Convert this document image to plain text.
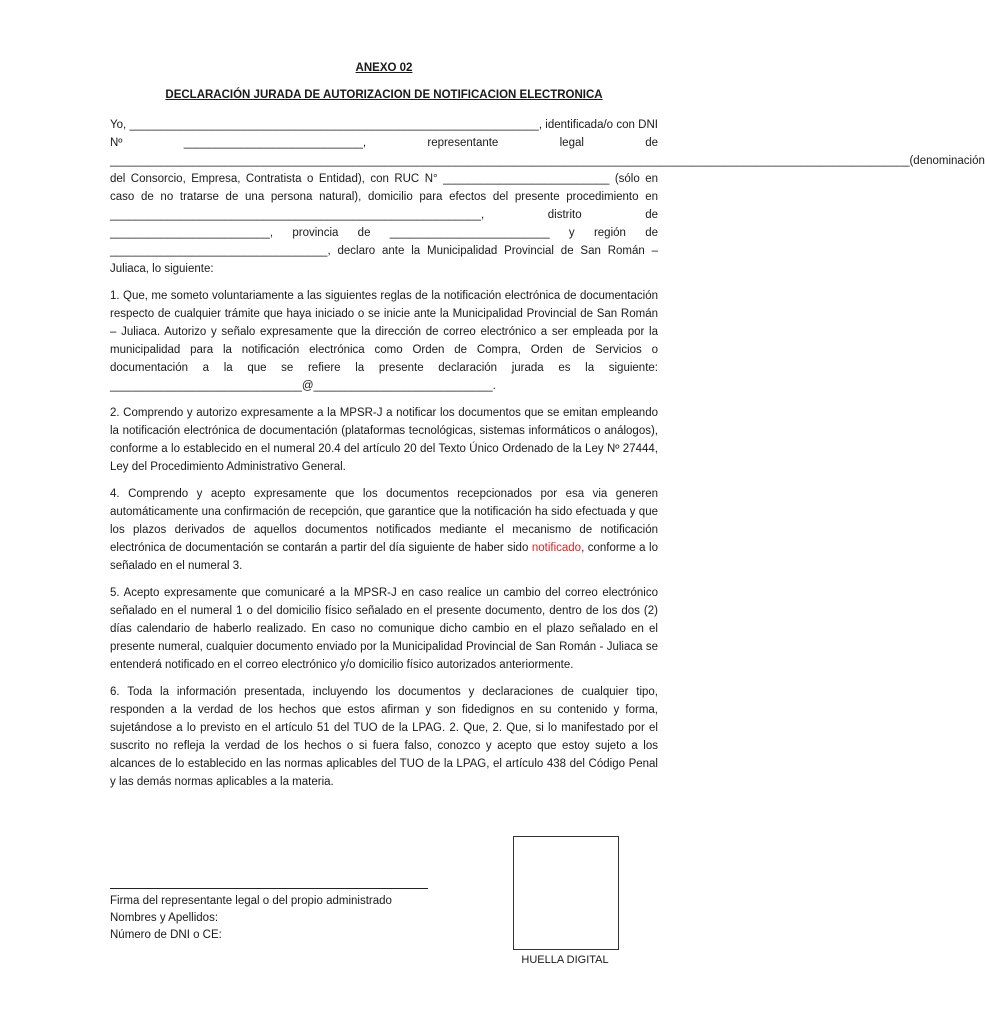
ANEXO 02
DECLARACIÓN JURADA DE AUTORIZACION DE NOTIFICACION ELECTRONICA

Yo, ________________________________________________________________, identificada/o con DNI Nº ____________________________, representante legal de _____________________________________________________________________________________________________________________________(denominación del Consorcio, Empresa, Contratista o Entidad), con RUC N° __________________________ (sólo en caso de no tratarse de una persona natural), domicilio para efectos del presente procedimiento en __________________________________________________________, distrito de _________________________, provincia de _________________________ y región de __________________________________, declaro ante la Municipalidad Provincial de San Román – Juliaca, lo siguiente:

1. Que, me someto voluntariamente a las siguientes reglas de la notificación electrónica de documentación respecto de cualquier trámite que haya iniciado o se inicie ante la Municipalidad Provincial de San Román – Juliaca. Autorizo y señalo expresamente que la dirección de correo electrónico a ser empleada por la municipalidad para la notificación electrónica como Orden de Compra, Orden de Servicios o documentación a la que se refiere la presente declaración jurada es la siguiente: ______________________________@____________________________.

2. Comprendo y autorizo expresamente a la MPSR-J a notificar los documentos que se emitan empleando la notificación electrónica de documentación (plataformas tecnológicas, sistemas informáticos o análogos), conforme a lo establecido en el numeral 20.4 del artículo 20 del Texto Único Ordenado de la Ley Nº 27444, Ley del Procedimiento Administrativo General.

4. Comprendo y acepto expresamente que los documentos recepcionados por esa via generen automáticamente una confirmación de recepción, que garantice que la notificación ha sido efectuada y que los plazos derivados de aquellos documentos notificados mediante el mecanismo de notificación electrónica de documentación se contarán a partir del día siguiente de haber sido notificado, conforme a lo señalado en el numeral 3.

5. Acepto expresamente que comunicaré a la MPSR-J en caso realice un cambio del correo electrónico señalado en el numeral 1 o del domicilio físico señalado en el presente documento, dentro de los dos (2) días calendario de haberlo realizado. En caso no comunique dicho cambio en el plazo señalado en el presente numeral, cualquier documento enviado por la Municipalidad Provincial de San Román - Juliaca se entenderá notificado en el correo electrónico y/o domicilio físico autorizados anteriormente.

6. Toda la información presentada, incluyendo los documentos y declaraciones de cualquier tipo, responden a la verdad de los hechos que estos afirman y son fidedignos en su contenido y forma, sujetándose a lo previsto en el artículo 51 del TUO de la LPAG. 2. Que, 2. Que, si lo manifestado por el suscrito no refleja la verdad de los hechos o si fuera falso, conozco y acepto que estoy sujeto a los alcances de lo establecido en las normas aplicables del TUO de la LPAG, el artículo 438 del Código Penal y las demás normas aplicables a la materia.

Firma del representante legal o del propio administrado
Nombres y Apellidos:
Número de DNI o CE:
HUELLA DIGITAL
